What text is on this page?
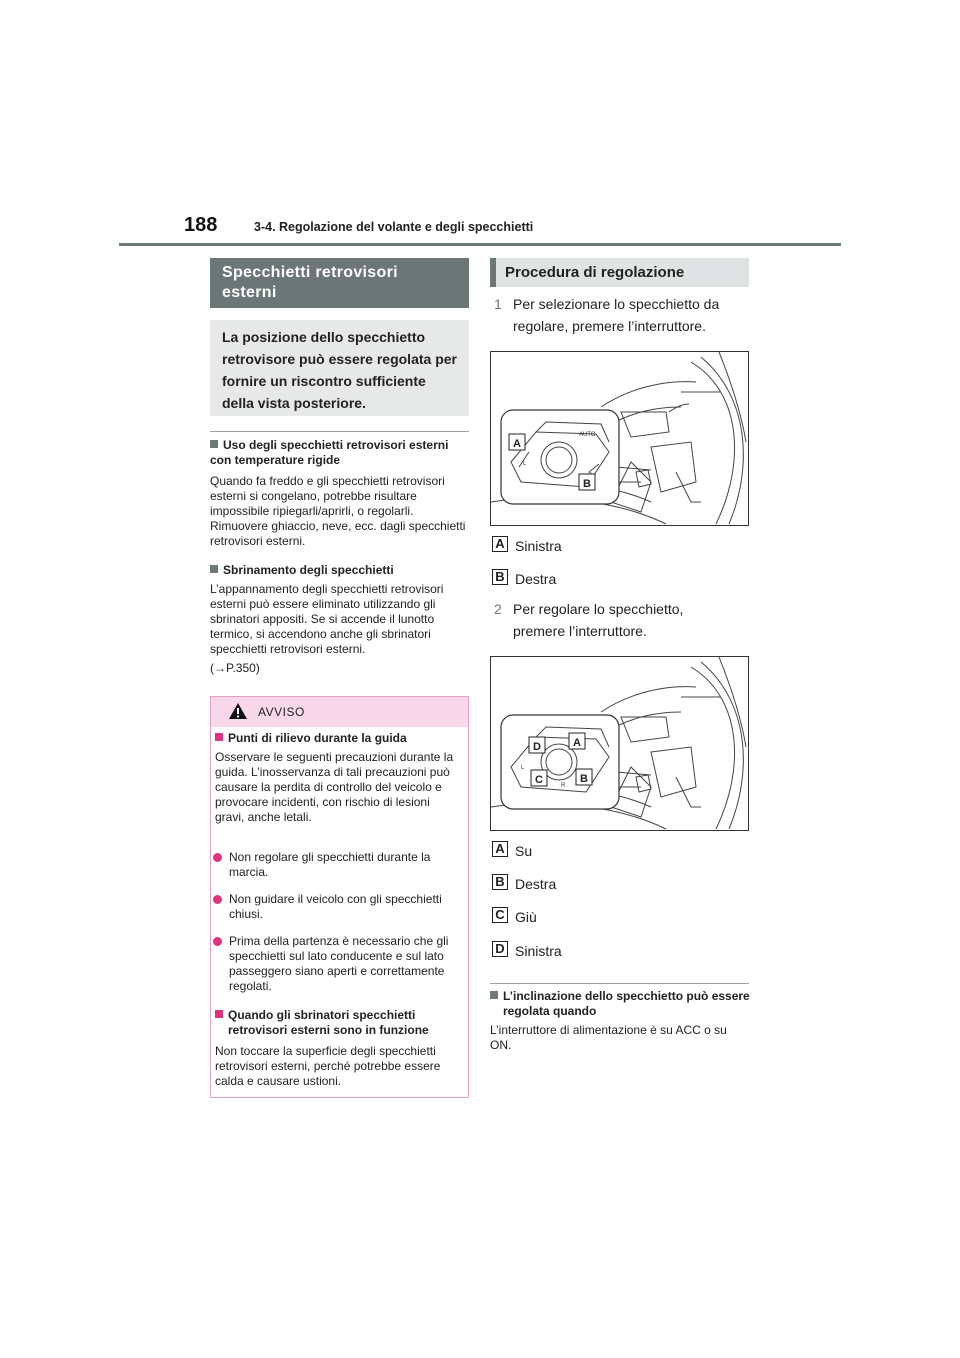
188	3-4. Regolazione del volante e degli specchietti
Specchietti retrovisori esterni
La posizione dello specchietto retrovisore può essere regolata per fornire un riscontro sufficiente della vista posteriore.
Uso degli specchietti retrovisori esterni con temperature rigide
Quando fa freddo e gli specchietti retrovisori esterni si congelano, potrebbe risultare impossibile ripiegarli/aprirli, o regolarli. Rimuovere ghiaccio, neve, ecc. dagli specchietti retrovisori esterni.
Sbrinamento degli specchietti
L’appannamento degli specchietti retrovisori esterni può essere eliminato utilizzando gli sbrinatori appositi. Se si accende il lunotto termico, si accendono anche gli sbrinatori specchietti retrovisori esterni.
(→P.350)
AVVISO
Punti di rilievo durante la guida
Osservare le seguenti precauzioni durante la guida. L’inosservanza di tali precauzioni può causare la perdita di controllo del veicolo e provocare incidenti, con rischio di lesioni gravi, anche letali.
Non regolare gli specchietti durante la marcia.
Non guidare il veicolo con gli specchietti chiusi.
Prima della partenza è necessario che gli specchietti sul lato conducente e sul lato passeggero siano aperti e correttamente regolati.
Quando gli sbrinatori specchietti retrovisori esterni sono in funzione
Non toccare la superficie degli specchietti retrovisori esterni, perché potrebbe essere calda e causare ustioni.
Procedura di regolazione
1 Per selezionare lo specchietto da regolare, premere l’interruttore.
AUTO
L
A
B
A Sinistra
B Destra
2 Per regolare lo specchietto, premere l’interruttore.
L
R
D	A
C	B
A Su
B Destra
C Giù
D Sinistra
L’inclinazione dello specchietto può essere regolata quando
L’interruttore di alimentazione è su ACC o su ON.
